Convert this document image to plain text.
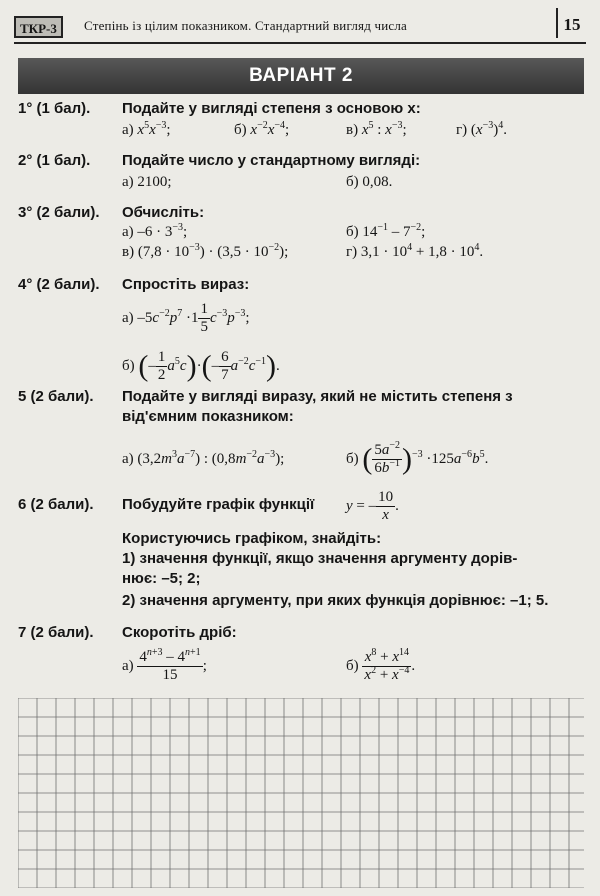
ТКР-3	Степінь із цілим показником. Стандартний вигляд числа	15
ВАРІАНТ 2
1° (1 бал). Подайте у вигляді степеня з основою x:
а) $x^5x^{-3}$;	б) $x^{-2}x^{-4}$;	в) $x^5$ : $x^{-3}$;	г) $(x^{-3})^4$.
2° (1 бал). Подайте число у стандартному вигляді:
а) 2100;	б) 0,08.
3° (2 бали). Обчисліть:
а) $-6 \cdot 3^{-3}$;	б) $14^{-1} - 7^{-2}$;
в) $(7,8 \cdot 10^{-3}) \cdot (3,5 \cdot 10^{-2})$;	г) $3,1 \cdot 10^4 + 1,8 \cdot 10^4$.
4° (2 бали). Спростіть вираз:
а) $-5c^{-2}p^7 \cdot 1 \frac{1}{5} c^{-3}p^{-3}$;
б) (– $\frac{1}{2} a^5c)\cdot(- \frac{6}{7} a^{-2}c^{-1})$.
5 (2 бали). Подайте у вигляді виразу, який не містить степеня з
від'ємним показником:
а) $(3,2m^3a^{-7})$ : $(0,8m^{-2}a^{-3})$;	б) ( $\frac{5a^{-2}}{6b^{-1}} )^{-3} \cdot 125a^{-6}b^5$.
6 (2 бали). Побудуйте графік функції y = – $\frac{10}{x}$ .
Користуючись графіком, знайдіть:
1) значення функції, якщо значення аргументу дорів-
нює: –5; 2;
2) значення аргументу, при яких функція дорівнює: –1; 5.
7 (2 бали). Скоротіть дріб:
$а) \frac{4^{n+3} - 4^{n+1}}{15}$ ;	$б) \frac{x^8 + x^{14}}{x^2 + x^{-4}}$ .
